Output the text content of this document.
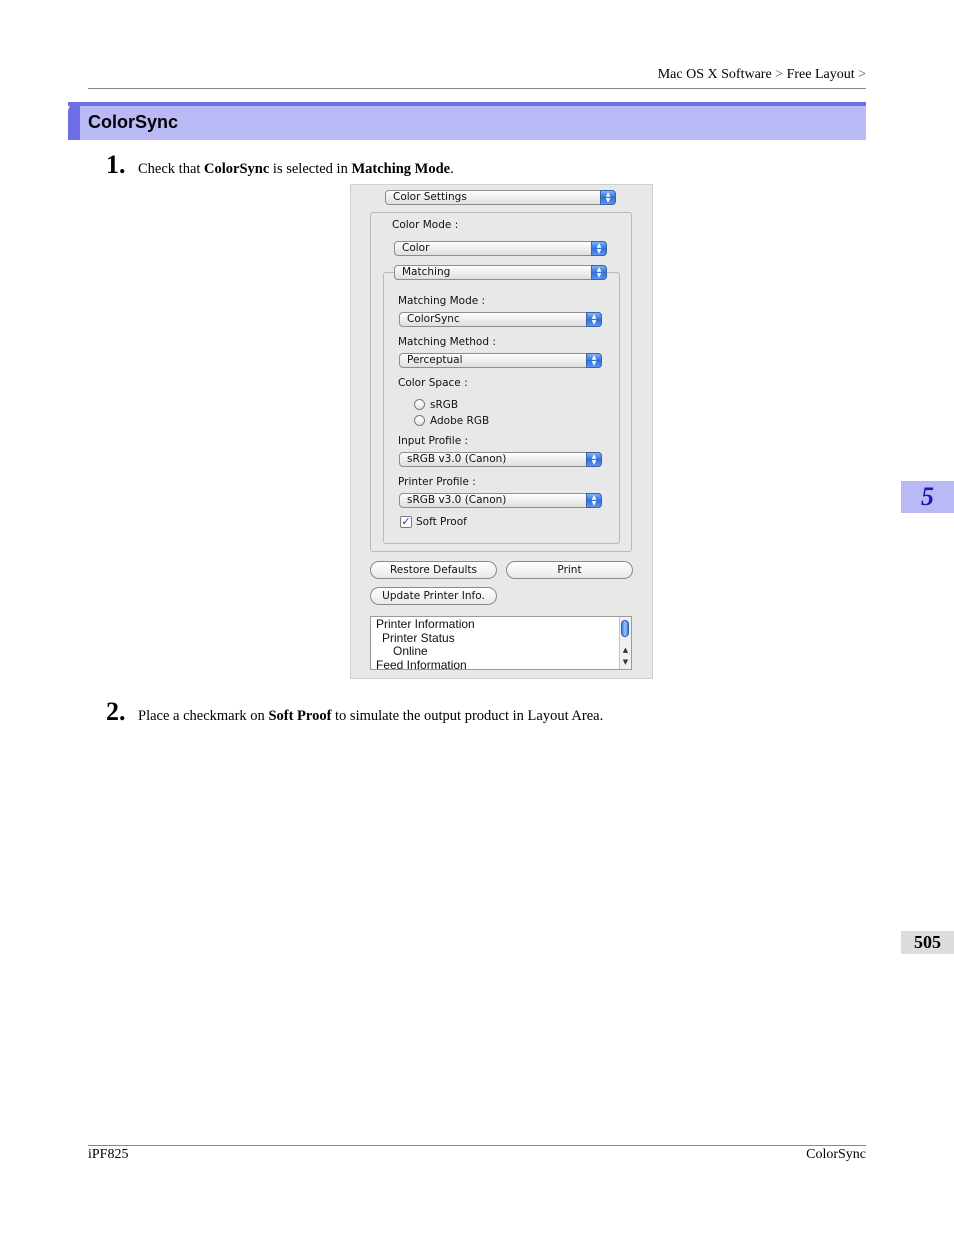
Mac OS X Software > Free Layout >
ColorSync
1. Check that ColorSync is selected in Matching Mode.
Color Settings	▲
▼
Color Mode :
Color	▲
▼
Matching	▲
▼
Matching Mode :
ColorSync	▲
▼
Matching Method :
Perceptual	▲
▼
Color Space :
sRGB
Adobe RGB
Input Profile :
sRGB v3.0 (Canon)	▲
▼
Printer Profile :
sRGB v3.0 (Canon)	▲
▼
✓ Soft Proof
Restore Defaults	Print
Update Printer Info.
Printer Information
Printer Status
Online
Feed Information
▲
▼
2. Place a checkmark on Soft Proof to simulate the output product in Layout Area.
5
505
iPF825	ColorSync
